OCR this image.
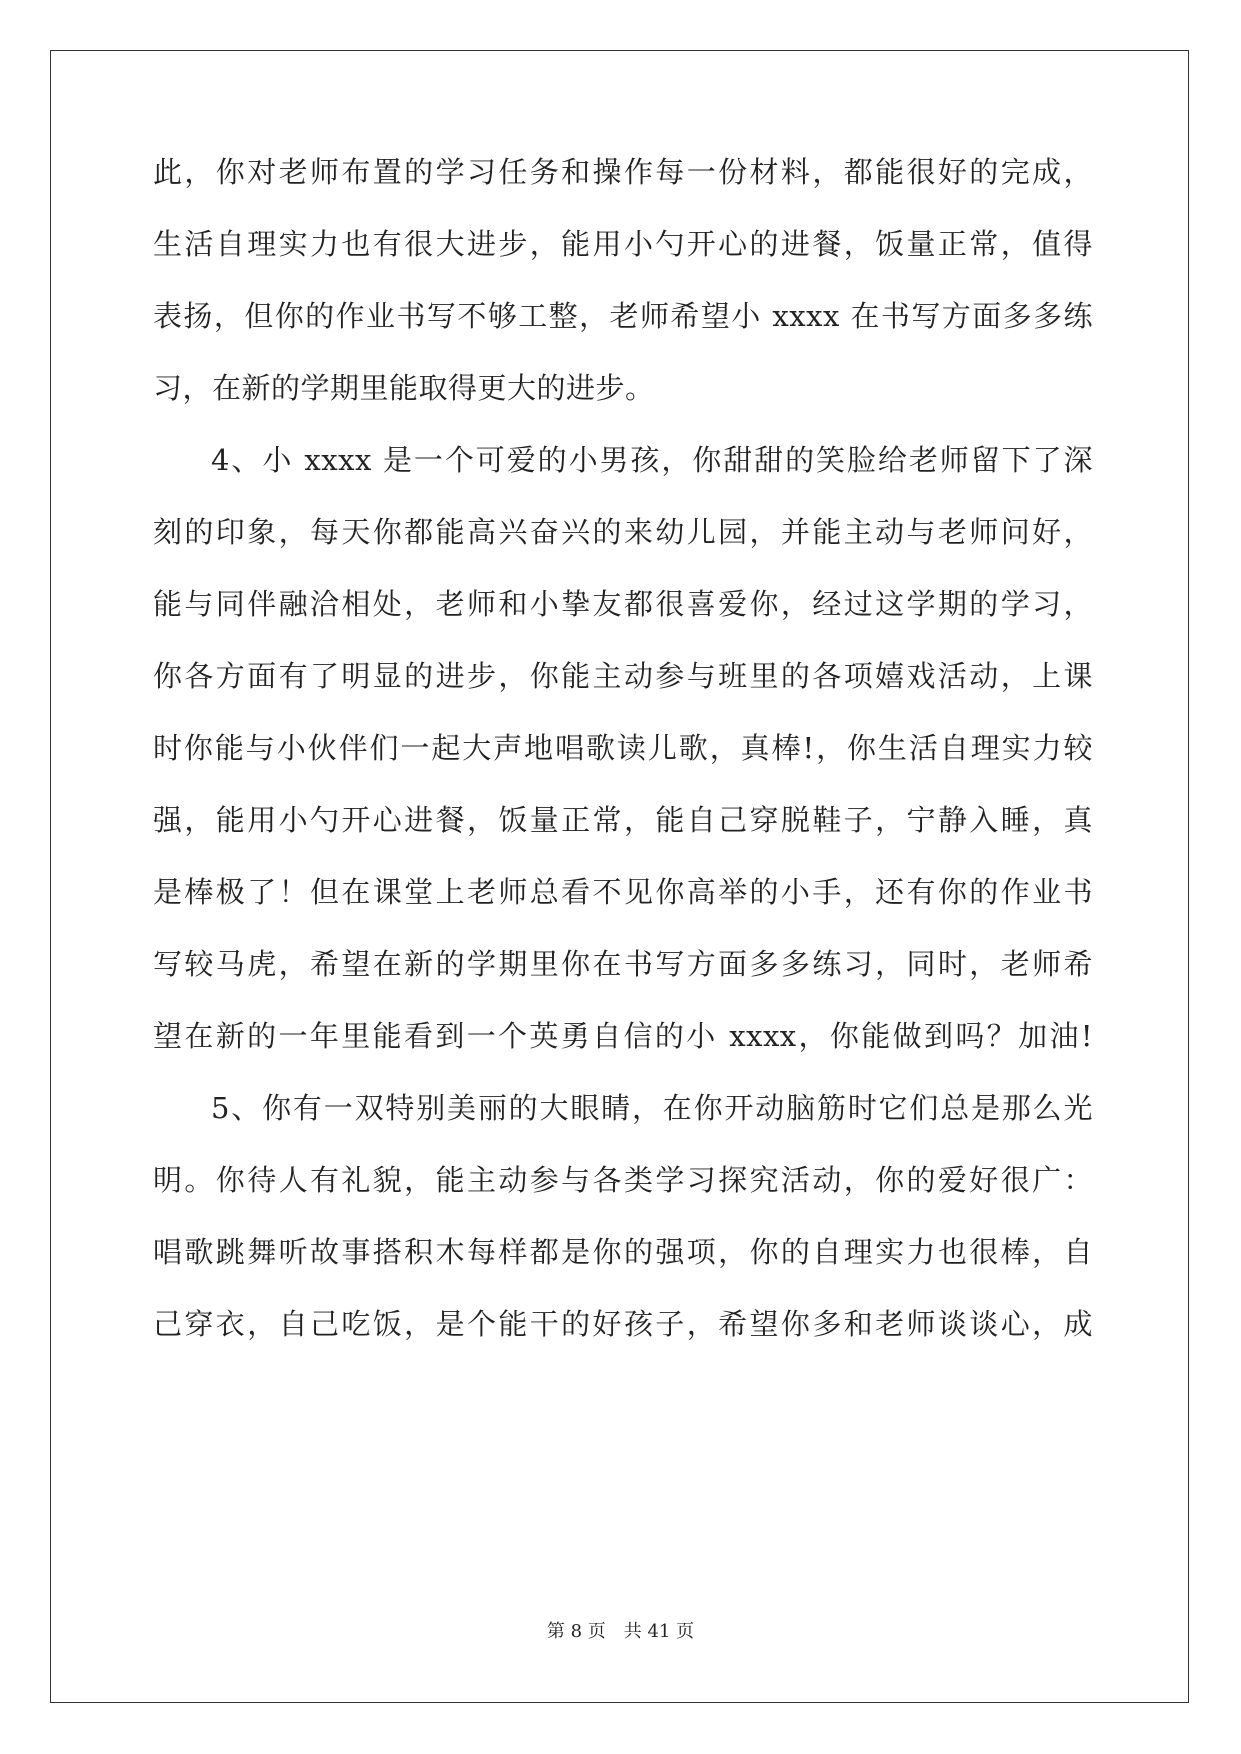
此，你对老师布置的学习任务和操作每一份材料，都能很好的完成，
生活自理实力也有很大进步，能用小勺开心的进餐，饭量正常，值得
表扬，但你的作业书写不够工整，老师希望小 xxxx 在书写方面多多练
习，在新的学期里能取得更大的进步。
4、小 xxxx 是一个可爱的小男孩，你甜甜的笑脸给老师留下了深
刻的印象，每天你都能高兴奋兴的来幼儿园，并能主动与老师问好，
能与同伴融洽相处，老师和小挚友都很喜爱你，经过这学期的学习，
你各方面有了明显的进步，你能主动参与班里的各项嬉戏活动，上课
时你能与小伙伴们一起大声地唱歌读儿歌，真棒!，你生活自理实力较
强，能用小勺开心进餐，饭量正常，能自己穿脱鞋子，宁静入睡，真
是棒极了！但在课堂上老师总看不见你高举的小手，还有你的作业书
写较马虎，希望在新的学期里你在书写方面多多练习，同时，老师希
望在新的一年里能看到一个英勇自信的小 xxxx，你能做到吗？加油!
5、你有一双特别美丽的大眼睛，在你开动脑筋时它们总是那么光
明。你待人有礼貌，能主动参与各类学习探究活动，你的爱好很广：
唱歌跳舞听故事搭积木每样都是你的强项，你的自理实力也很棒，自
己穿衣，自己吃饭，是个能干的好孩子，希望你多和老师谈谈心，成
第 8 页 共 41 页
